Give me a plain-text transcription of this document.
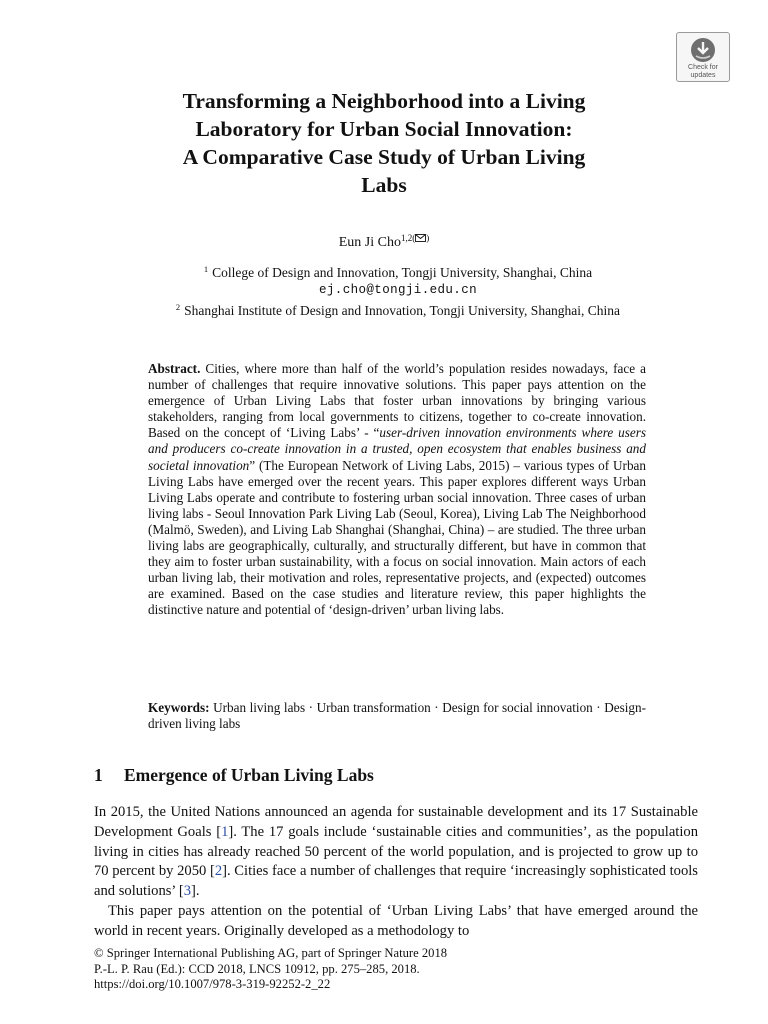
Check for
updates
Transforming a Neighborhood into a Living
Laboratory for Urban Social Innovation:
A Comparative Case Study of Urban Living
Labs
Eun Ji Cho$^{1,2( )}$
$^1$ College of Design and Innovation, Tongji University, Shanghai, China
ej.cho@tongji.edu.cn
$^2$ Shanghai Institute of Design and Innovation, Tongji University, Shanghai, China

Abstract. Cities, where more than half of the world’s population resides nowadays, face a number of challenges that require innovative solutions. This paper pays attention on the emergence of Urban Living Labs that foster urban innovations by bringing various stakeholders, ranging from local governments to citizens, together to co-create innovation. Based on the concept of ‘Living Labs’ - “user-driven innovation environments where users and producers co-create innovation in a trusted, open ecosystem that enables business and societal innovation” (The European Network of Living Labs, 2015) – various types of Urban Living Labs have emerged over the recent years. This paper explores different ways Urban Living Labs operate and contribute to fostering urban social innovation. Three cases of urban living labs - Seoul Innovation Park Living Lab (Seoul, Korea), Living Lab The Neighborhood (Malmö, Sweden), and Living Lab Shanghai (Shanghai, China) – are studied. The three urban living labs are geographically, culturally, and structurally different, but have in common that they aim to foster urban sustainability, with a focus on social innovation. Main actors of each urban living lab, their motivation and roles, representative projects, and (expected) outcomes are examined. Based on the case studies and literature review, this paper highlights the distinctive nature and potential of ‘design-driven’ urban living labs.

Keywords: Urban living labs · Urban transformation · Design for social innovation · Design-driven living labs

1 Emergence of Urban Living Labs

In 2015, the United Nations announced an agenda for sustainable development and its 17 Sustainable Development Goals [1]. The 17 goals include ‘sustainable cities and communities’, as the population living in cities has already reached 50 percent of the world population, and is projected to grow up to 70 percent by 2050 [2]. Cities face a number of challenges that require ‘increasingly sophisticated tools and solutions’ [3].

This paper pays attention on the potential of ‘Urban Living Labs’ that have emerged around the world in recent years. Originally developed as a methodology to

© Springer International Publishing AG, part of Springer Nature 2018
P.-L. P. Rau (Ed.): CCD 2018, LNCS 10912, pp. 275–285, 2018.
https://doi.org/10.1007/978-3-319-92252-2_22
